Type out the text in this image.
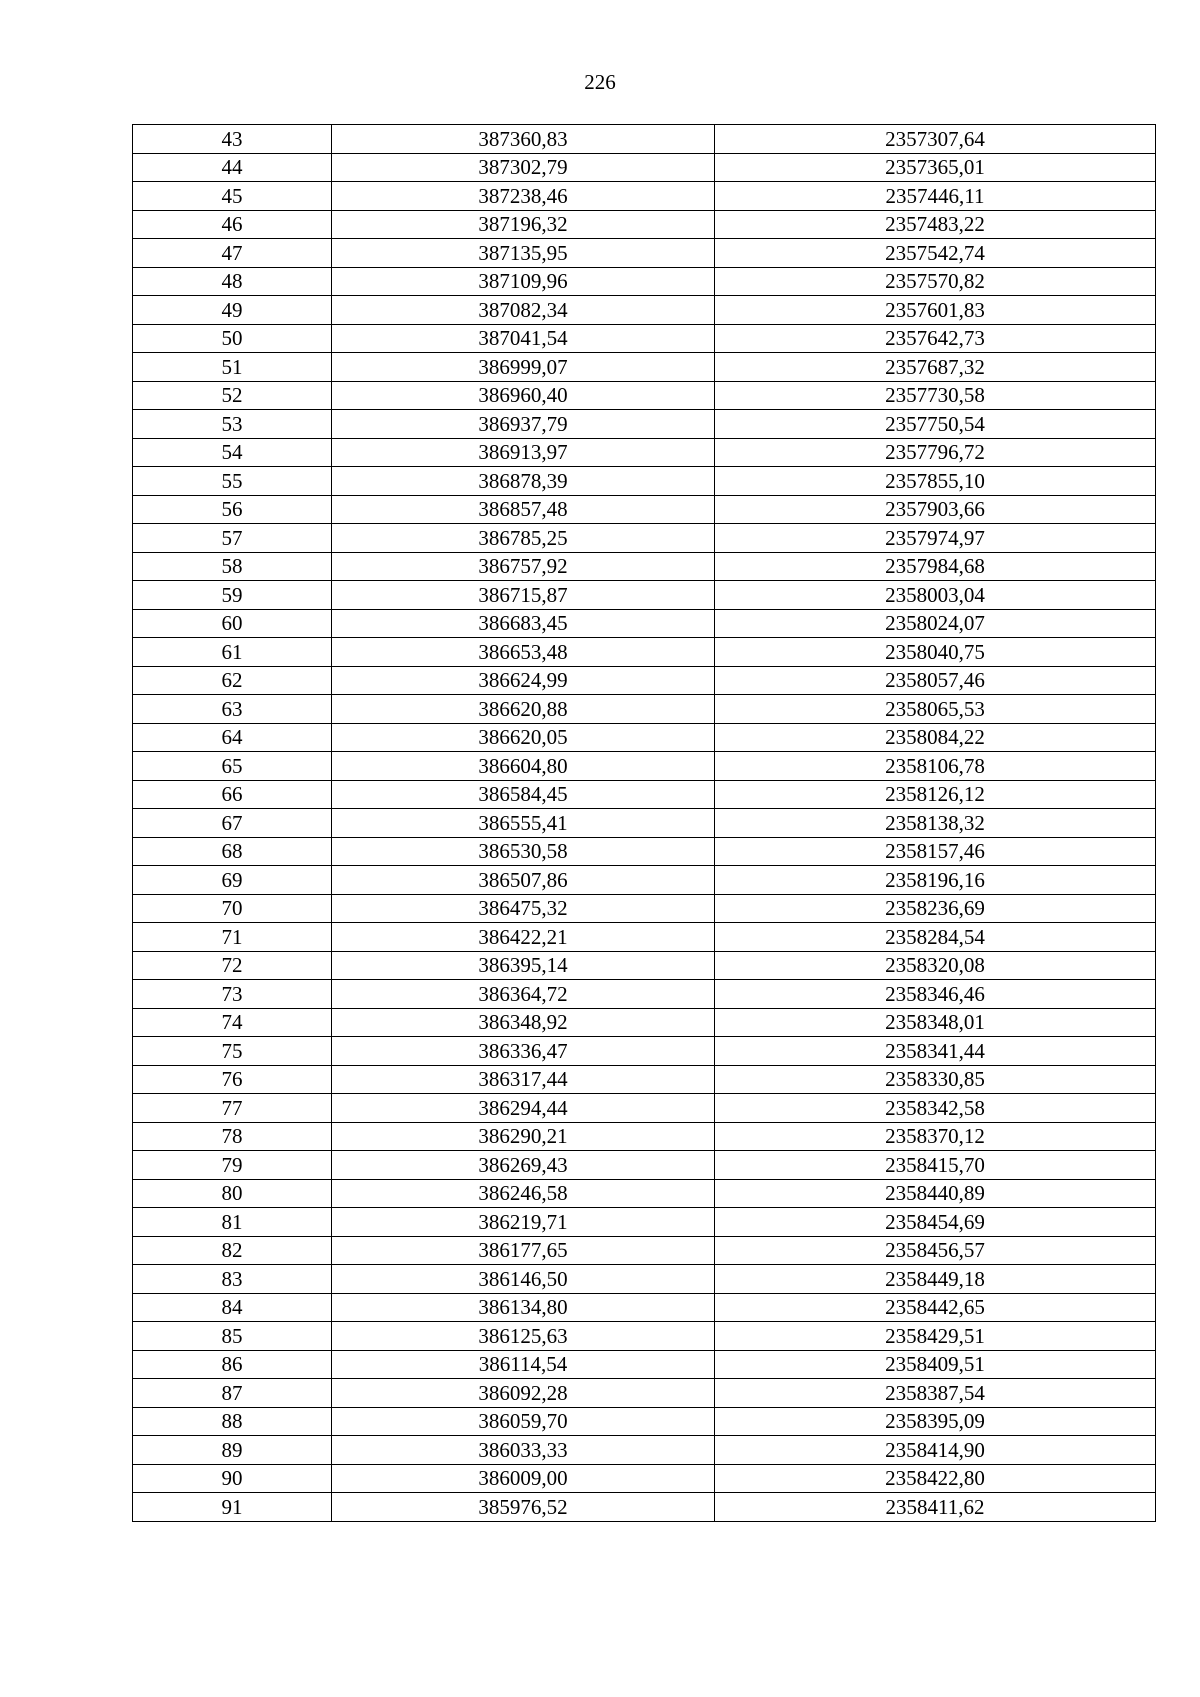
226
43	387360,83	2357307,64
44	387302,79	2357365,01
45	387238,46	2357446,11
46	387196,32	2357483,22
47	387135,95	2357542,74
48	387109,96	2357570,82
49	387082,34	2357601,83
50	387041,54	2357642,73
51	386999,07	2357687,32
52	386960,40	2357730,58
53	386937,79	2357750,54
54	386913,97	2357796,72
55	386878,39	2357855,10
56	386857,48	2357903,66
57	386785,25	2357974,97
58	386757,92	2357984,68
59	386715,87	2358003,04
60	386683,45	2358024,07
61	386653,48	2358040,75
62	386624,99	2358057,46
63	386620,88	2358065,53
64	386620,05	2358084,22
65	386604,80	2358106,78
66	386584,45	2358126,12
67	386555,41	2358138,32
68	386530,58	2358157,46
69	386507,86	2358196,16
70	386475,32	2358236,69
71	386422,21	2358284,54
72	386395,14	2358320,08
73	386364,72	2358346,46
74	386348,92	2358348,01
75	386336,47	2358341,44
76	386317,44	2358330,85
77	386294,44	2358342,58
78	386290,21	2358370,12
79	386269,43	2358415,70
80	386246,58	2358440,89
81	386219,71	2358454,69
82	386177,65	2358456,57
83	386146,50	2358449,18
84	386134,80	2358442,65
85	386125,63	2358429,51
86	386114,54	2358409,51
87	386092,28	2358387,54
88	386059,70	2358395,09
89	386033,33	2358414,90
90	386009,00	2358422,80
91	385976,52	2358411,62
